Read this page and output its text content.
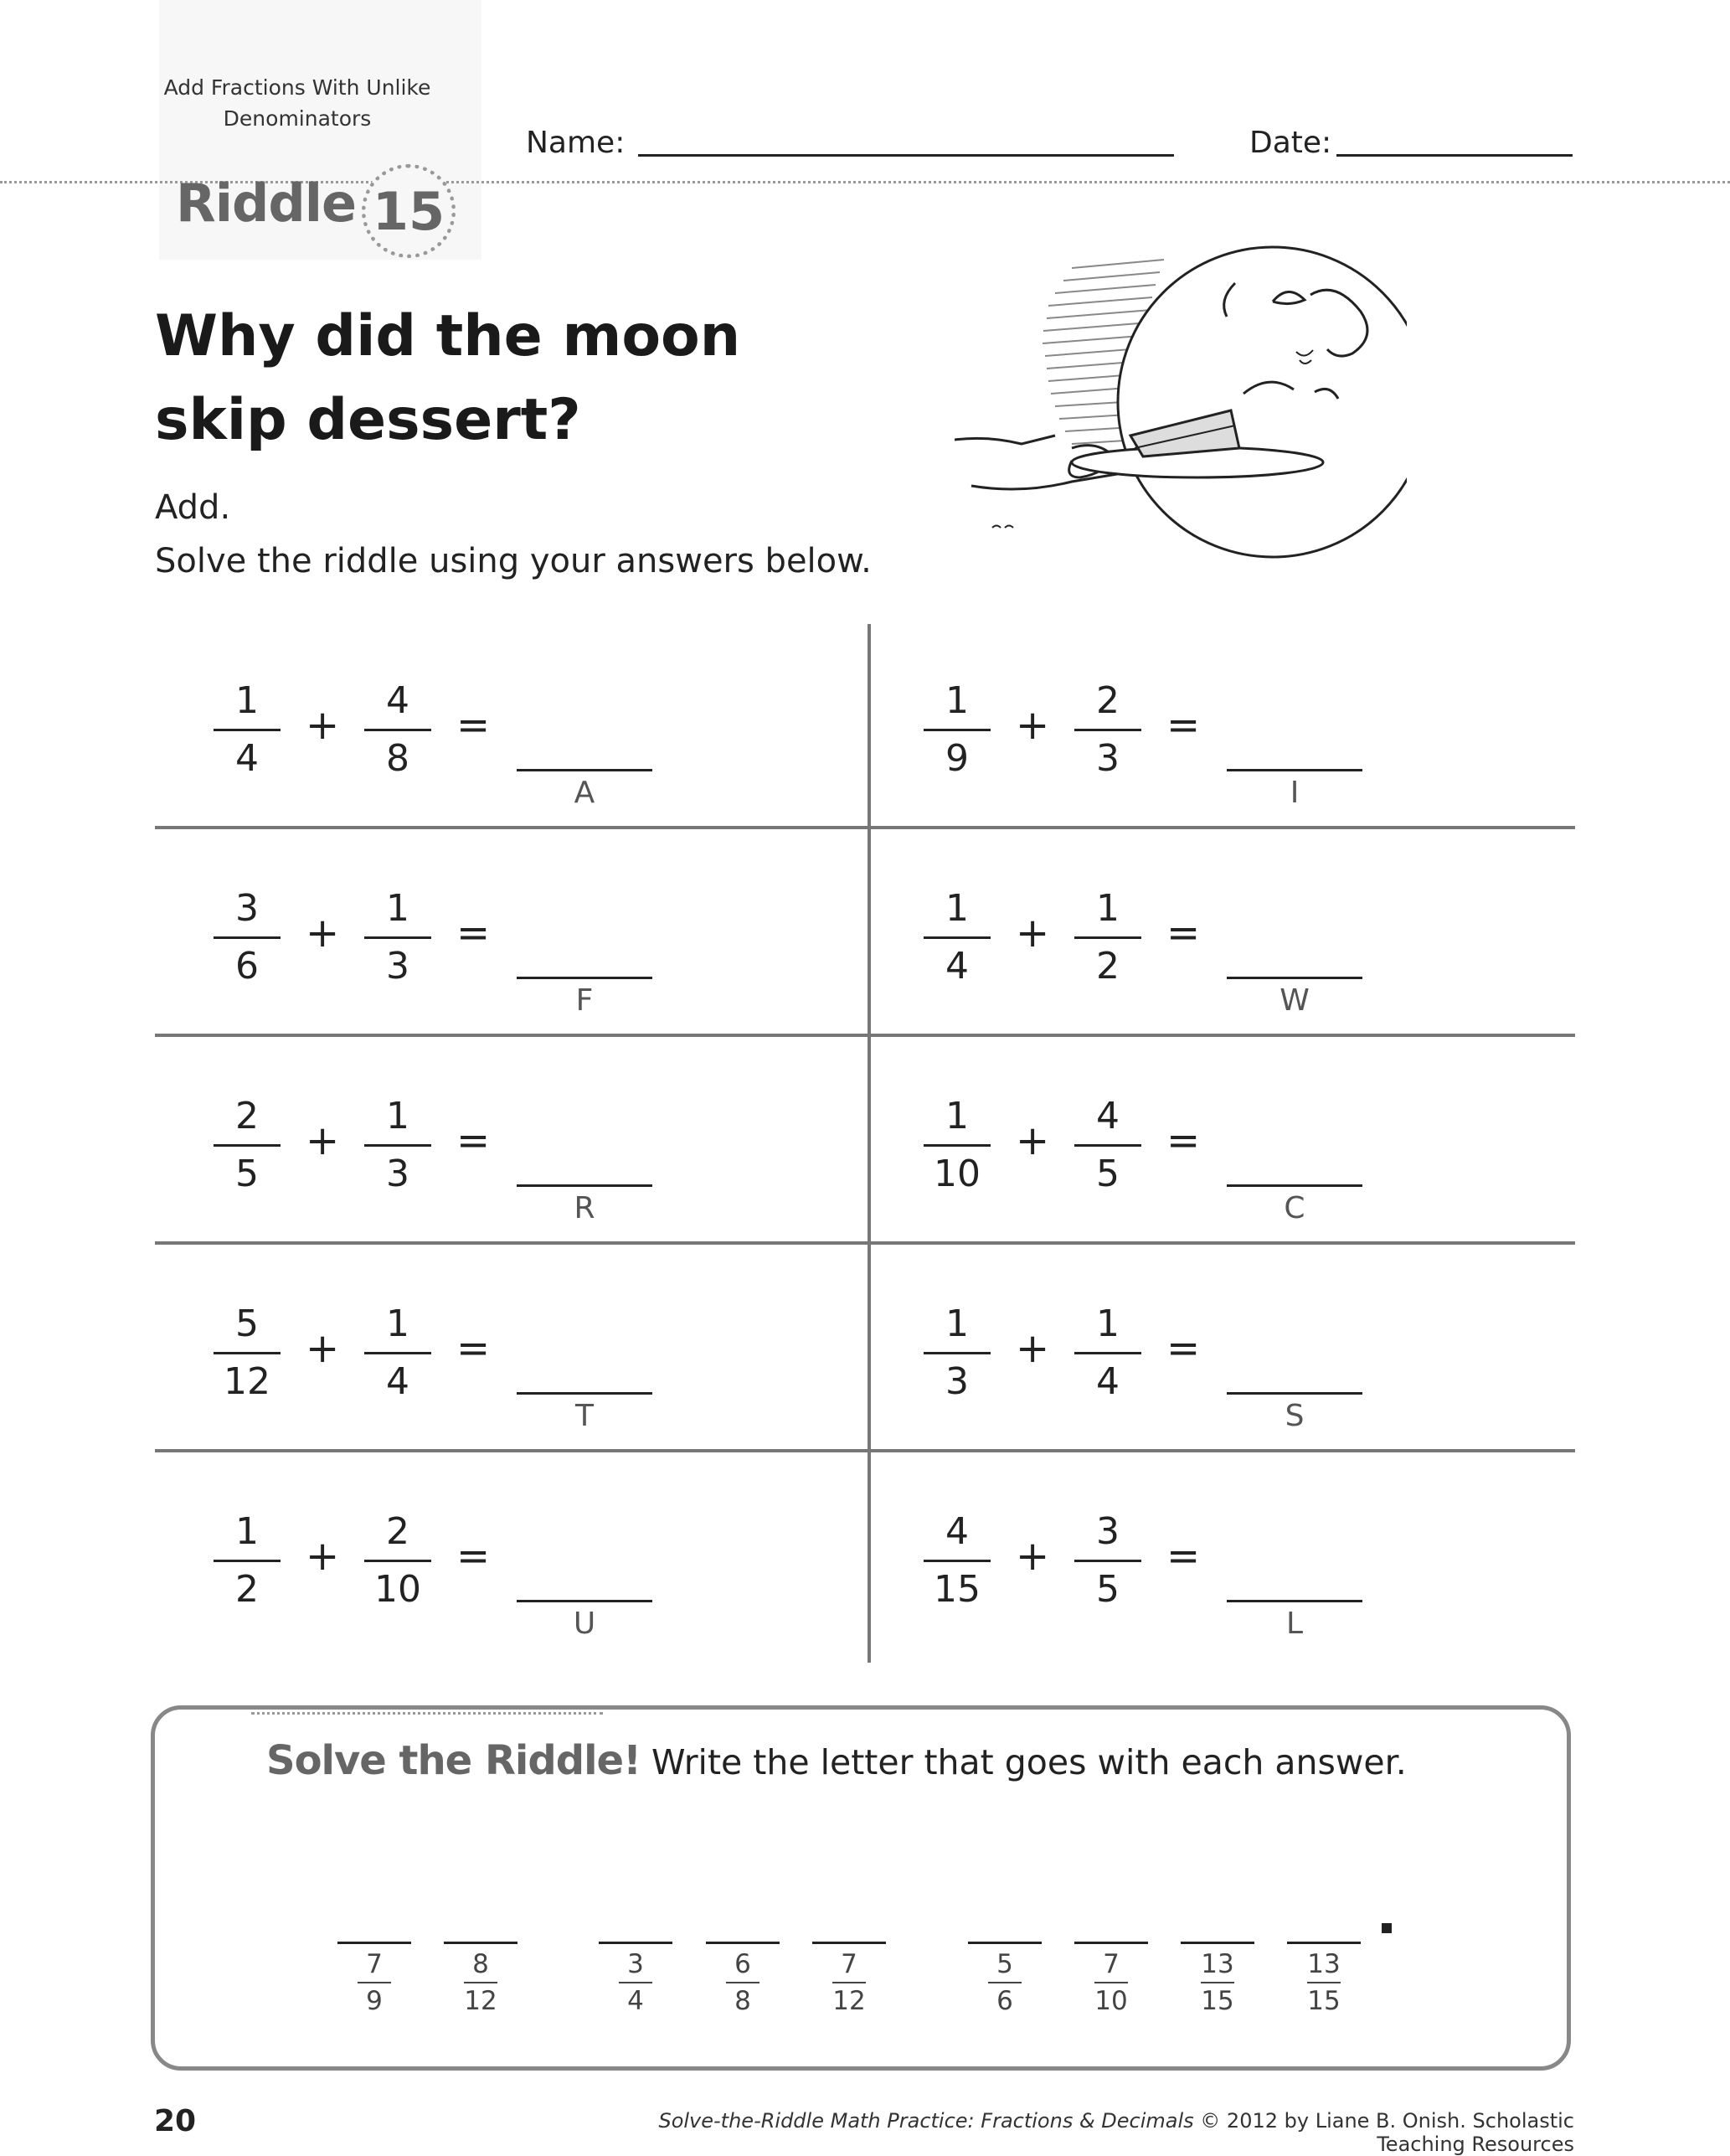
Add Fractions With Unlike Denominators
Riddle 15
Name:	Date:
Why did the moon skip dessert?
Add.
Solve the riddle using your answers below.
1
4
+
4
8
=
A
1
9
+
2
3
=
I
3
6
+
1
3
=
F
1
4
+
1
2
=
W
2
5
+
1
3
=
R
1
10
+
4
5
=
C
5
12
+
1
4
=
T
1
3
+
1
4
=
S
1
2
+
2
10
=
U
4
15
+
3
5
=
L
Solve the Riddle! Write the letter that goes with each answer.
7
9
8
12
3
4
6
8
7
12
5
6
7
10
13
15
13
15
20	Solve-the-Riddle Math Practice: Fractions & Decimals © 2012 by Liane B. Onish. Scholastic Teaching Resources
